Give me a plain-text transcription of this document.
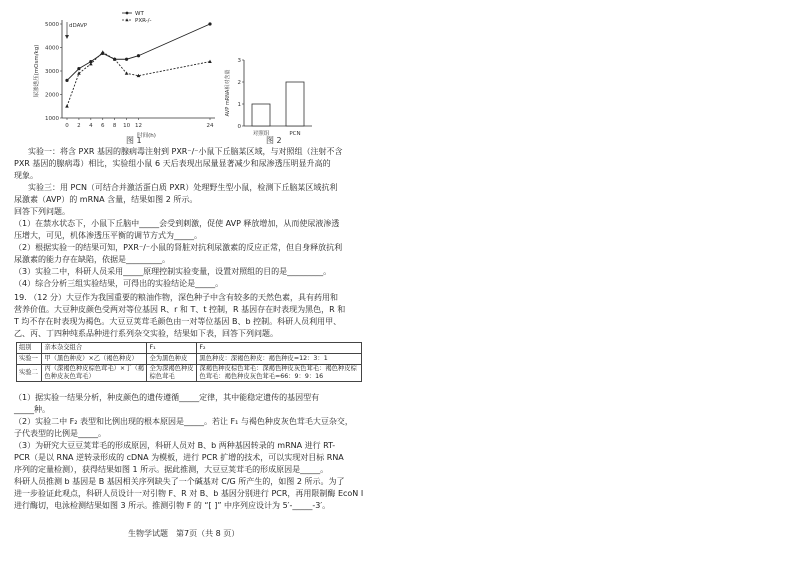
1000
2000
3000
4000
5000
0 2 4 6 8 10 12	24
时间(h)
尿渗透压(mOsm/kg)
dDAVP
WT
PXR-/-
图 1
0
1
2
3
AVP mRNA相对含量
对照组	PCN
图 2
实验一：将含 PXR 基因的腺病毒注射到 PXR⁻/⁻小鼠下丘脑某区域，与对照组（注射不含
PXR 基因的腺病毒）相比，实验组小鼠 6 天后表现出尿量显著减少和尿渗透压明显升高的
现象。
实验三：用 PCN（可结合并激活蛋白质 PXR）处理野生型小鼠，检测下丘脑某区域抗利
尿激素（AVP）的 mRNA 含量，结果如图 2 所示。
回答下列问题。
（1）在禁水状态下，小鼠下丘脑中_____会受到刺激，促使 AVP 释放增加，从而使尿液渗透
压增大，可见，机体渗透压平衡的调节方式为_____。
（2）根据实验一的结果可知，PXR⁻/⁻小鼠的肾脏对抗利尿激素的反应正常，但自身释放抗利
尿激素的能力存在缺陷，依据是_________。
（3）实验二中，科研人员采用_____原理控制实验变量，设置对照组的目的是_________。
（4）综合分析三组实验结果，可得出的实验结论是_____。
19. （12 分）大豆作为我国重要的粮油作物，深色种子中含有较多的天然色素，具有药用和
营养价值。大豆种皮颜色受两对等位基因 R、r 和 T、t 控制，R 基因存在时表现为黑色，R 和
T 均不存在时表现为褐色。大豆豆荚茸毛颜色由一对等位基因 B、b 控制。科研人员利用甲、
乙、丙、丁四种纯系品种进行系列杂交实验，结果如下表，回答下列问题。
组别	亲本杂交组合	F₁	F₂
实验一	甲（黑色种皮）×乙（褐色种皮）	全为黑色种皮	黑色种皮：深褐色种皮：褐色种皮=12：3：1
实验二	丙（深褐色种皮棕色茸毛）×丁（褐色种皮灰色茸毛）	全为深褐色种皮棕色茸毛	深褐色种皮棕色茸毛：深褐色种皮灰色茸毛：褐色种皮棕色茸毛：褐色种皮灰色茸毛=66：9：9：16
（1）据实验一结果分析，种皮颜色的遗传遵循_____定律，其中能稳定遗传的基因型有
_____种。
（2）实验二中 F₂ 表型和比例出现的根本原因是_____。若让 F₁ 与褐色种皮灰色茸毛大豆杂交，
子代表型的比例是_____。
（3）为研究大豆豆荚茸毛的形成原因，科研人员对 B、b 两种基因转录的 mRNA 进行 RT-
PCR（是以 RNA 逆转录形成的 cDNA 为模板，进行 PCR 扩增的技术，可以实现对目标 RNA
序列的定量检测），获得结果如图 1 所示。据此推测，大豆豆荚茸毛的形成原因是_____。
科研人员推测 b 基因是 B 基因相关序列缺失了一个碱基对 C/G 所产生的，如图 2 所示。为了
进一步验证此观点，科研人员设计一对引物 F、R 对 B、b 基因分别进行 PCR，再用限制酶 EcoN I
进行酶切，电泳检测结果如图 3 所示。推测引物 F 的 “[ ]” 中序列应设计为 5′-_____-3′。
生物学试题　第7页（共 8 页）
